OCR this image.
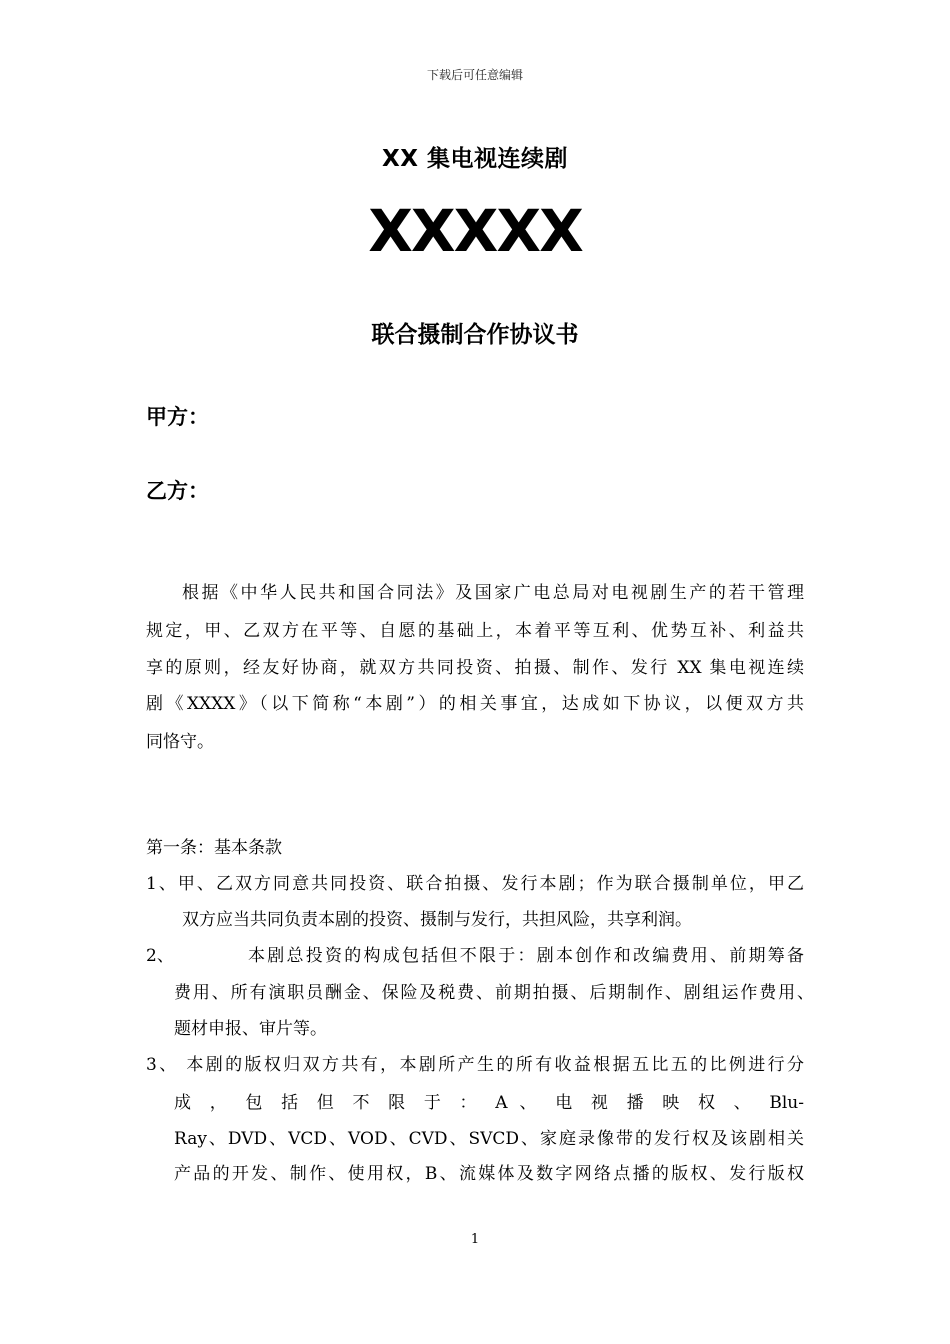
下载后可任意编辑
XX 集电视连续剧
XXXXX
联合摄制合作协议书
甲方：
乙方：
根据《中华人民共和国合同法》及国家广电总局对电视剧生产的若干管理
规定，甲、乙双方在平等、自愿的基础上，本着平等互利、优势互补、利益共
享的原则，经友好协商，就双方共同投资、拍摄、制作、发行 XX 集电视连续
剧《XXXX》（以下简称“本剧”）的相关事宜，达成如下协议，以便双方共
同恪守。
第一条：基本条款
1、甲、乙双方同意共同投资、联合拍摄、发行本剧；作为联合摄制单位，甲乙
双方应当共同负责本剧的投资、摄制与发行，共担风险，共享利润。
2、	本剧总投资的构成包括但不限于：剧本创作和改编费用、前期筹备
费用、所有演职员酬金、保险及税费、前期拍摄、后期制作、剧组运作费用、
题材申报、审片等。
3、 本剧的版权归双方共有，本剧所产生的所有收益根据五比五的比例进行分
成 ， 包 括 但 不 限 于 ： A 、 电 视 播 映 权 、 Blu-
Ray、DVD、VCD、VOD、CVD、SVCD、家庭录像带的发行权及该剧相关
产品的开发、制作、使用权，B、流媒体及数字网络点播的版权、发行版权
1
